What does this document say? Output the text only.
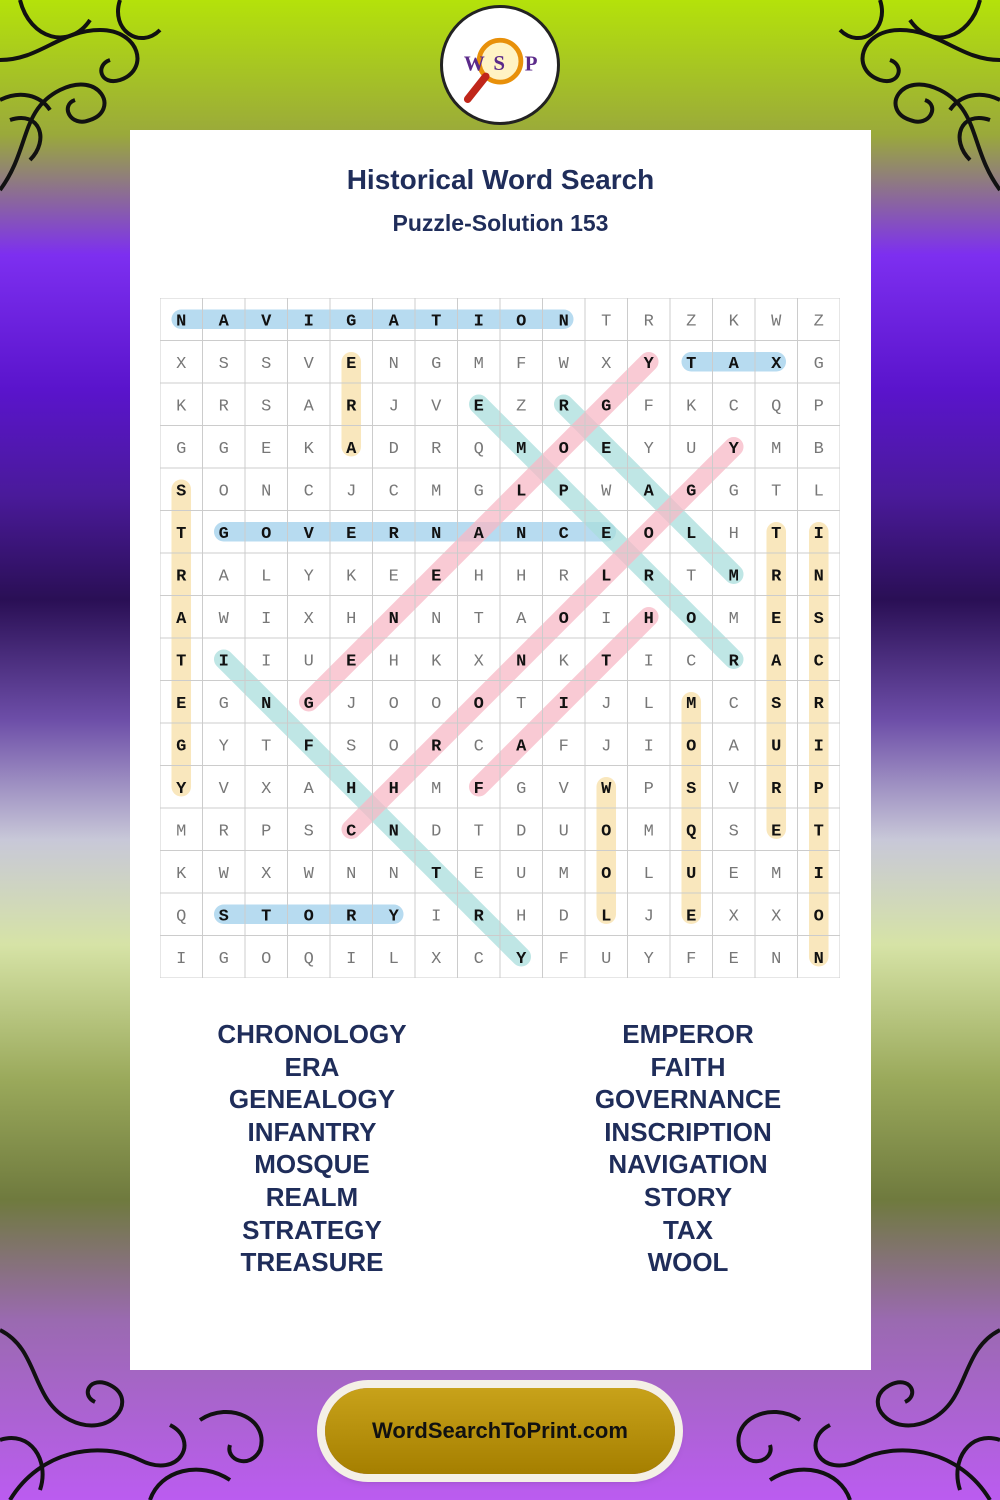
W S P
Historical Word Search
Puzzle-Solution 153
N A V I G A T I O N T R Z K W Z
X S S V E N G M F W X Y T A X G
K R S A R J V E Z R G F K C Q P
G G E K A D R Q M O E Y U Y M B
S O N C J C M G L P W A G G T L
T G O V E R N A N C E O L H T I
R A L Y K E E H H R L R T M R N
A W I X H N N T A O I H O M E S
T I I U E H K X N K T I C R A C
E G N G J O O O T I J L M C S R
G Y T F S O R C A F J I O A U I
Y V X A H H M F G V W P S V R P
M R P S C N D T D U O M Q S E T
K W X W N N T E U M O L U E M I
Q S T O R Y I R H D L J E X X O
I G O Q I L X C Y F U Y F E N N
CHRONOLOGY
ERA
GENEALOGY
INFANTRY
MOSQUE
REALM
STRATEGY
TREASURE
EMPEROR
FAITH
GOVERNANCE
INSCRIPTION
NAVIGATION
STORY
TAX
WOOL
WordSearchToPrint.com
